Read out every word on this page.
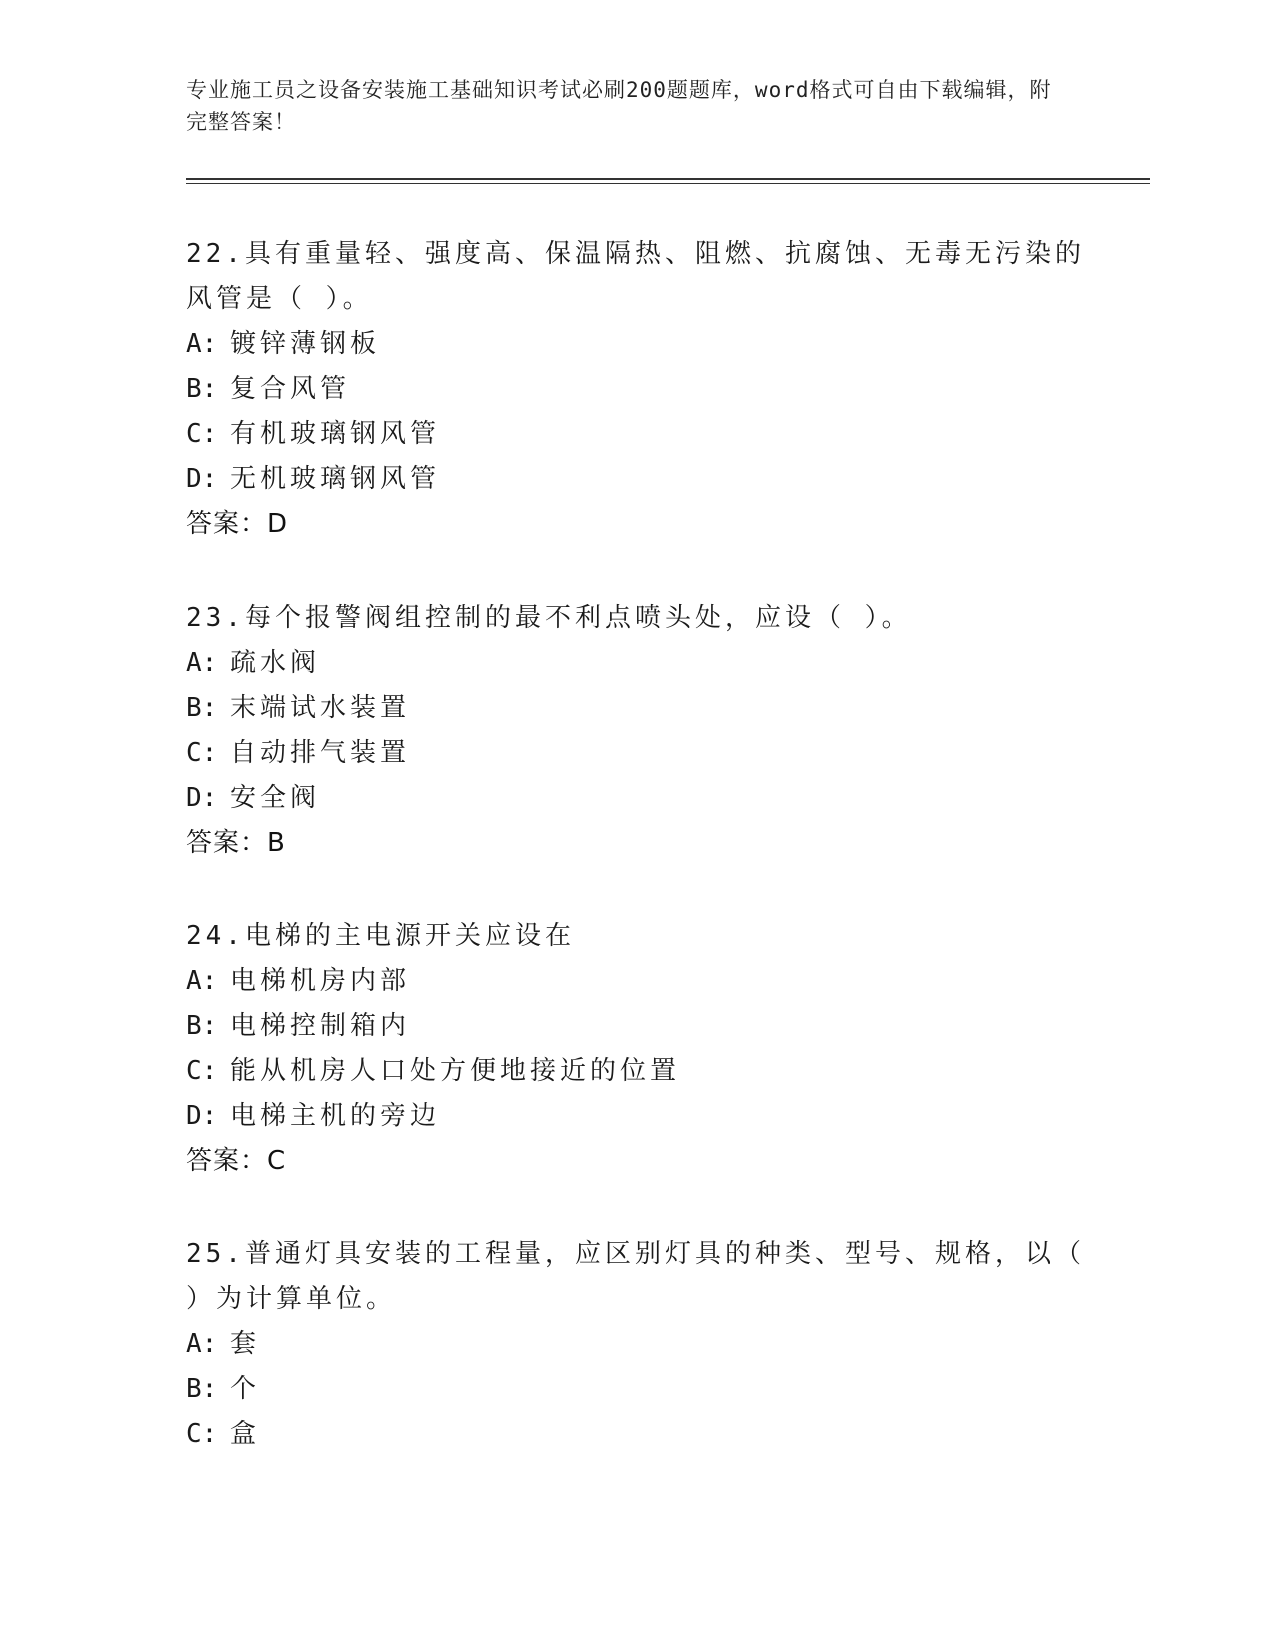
专业施工员之设备安装施工基础知识考试必刷200题题库，word格式可自由下载编辑，附完整答案！

22.具有重量轻、强度高、保温隔热、阻燃、抗腐蚀、无毒无污染的风管是（ ）。

A: 镀锌薄钢板
B: 复合风管
C: 有机玻璃钢风管
D: 无机玻璃钢风管

答案：D

23.每个报警阀组控制的最不利点喷头处，应设（ ）。

A: 疏水阀
B: 末端试水装置
C: 自动排气装置
D: 安全阀

答案：B

24.电梯的主电源开关应设在

A: 电梯机房内部
B: 电梯控制箱内
C: 能从机房人口处方便地接近的位置
D: 电梯主机的旁边

答案：C

25.普通灯具安装的工程量，应区别灯具的种类、型号、规格，以（ ）为计算单位。

A: 套
B: 个
C: 盒
